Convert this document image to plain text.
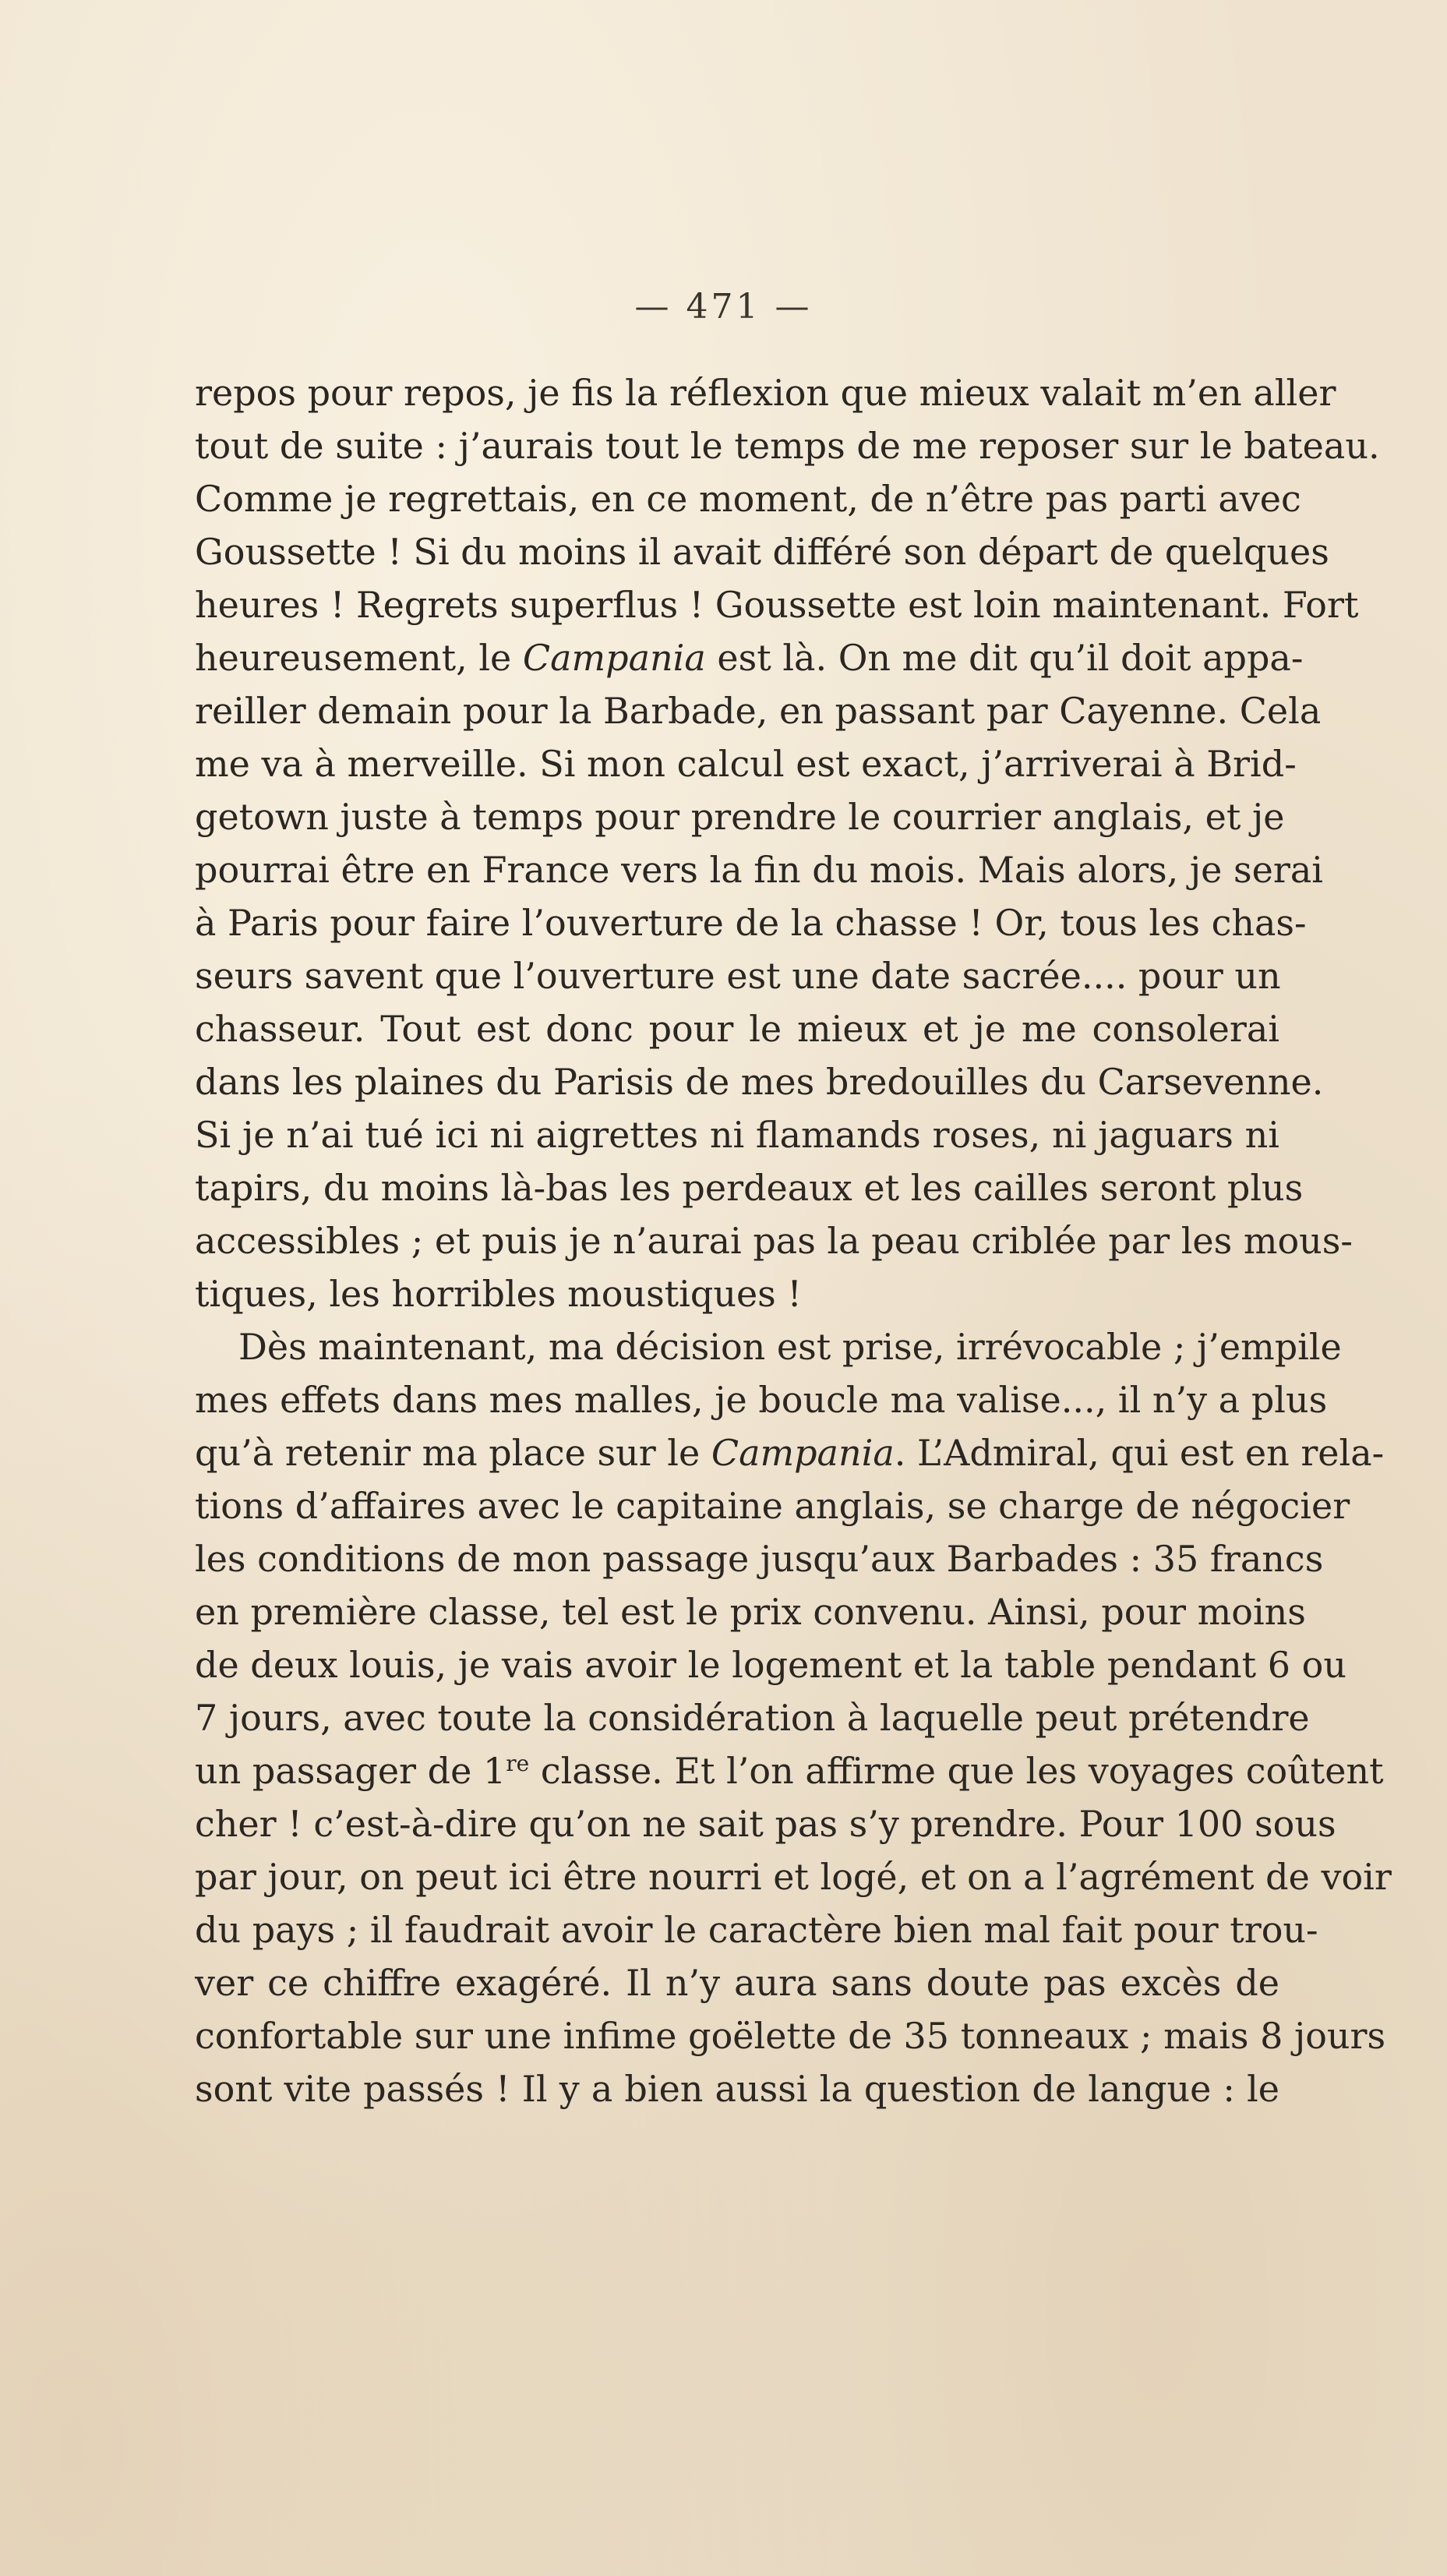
— 471 —
repos pour repos, je fis la réflexion que mieux valait m’en aller
tout de suite : j’aurais tout le temps de me reposer sur le bateau.
Comme je regrettais, en ce moment, de n’être pas parti avec
Goussette ! Si du moins il avait différé son départ de quelques
heures ! Regrets superflus ! Goussette est loin maintenant. Fort
heureusement, le Campania est là. On me dit qu’il doit appa-
reiller demain pour la Barbade, en passant par Cayenne. Cela
me va à merveille. Si mon calcul est exact, j’arriverai à Brid-
getown juste à temps pour prendre le courrier anglais, et je
pourrai être en France vers la fin du mois. Mais alors, je serai
à Paris pour faire l’ouverture de la chasse ! Or, tous les chas-
seurs savent que l’ouverture est une date sacrée.... pour un
chasseur. Tout est donc pour le mieux et je me consolerai
dans les plaines du Parisis de mes bredouilles du Carsevenne.
Si je n’ai tué ici ni aigrettes ni flamands roses, ni jaguars ni
tapirs, du moins là-bas les perdeaux et les cailles seront plus
accessibles ; et puis je n’aurai pas la peau criblée par les mous-
tiques, les horribles moustiques !
Dès maintenant, ma décision est prise, irrévocable ; j’empile
mes effets dans mes malles, je boucle ma valise..., il n’y a plus
qu’à retenir ma place sur le Campania. L’Admiral, qui est en rela-
tions d’affaires avec le capitaine anglais, se charge de négocier
les conditions de mon passage jusqu’aux Barbades : 35 francs
en première classe, tel est le prix convenu. Ainsi, pour moins
de deux louis, je vais avoir le logement et la table pendant 6 ou
7 jours, avec toute la considération à laquelle peut prétendre
un passager de 1re classe. Et l’on affirme que les voyages coûtent
cher ! c’est-à-dire qu’on ne sait pas s’y prendre. Pour 100 sous
par jour, on peut ici être nourri et logé, et on a l’agrément de voir
du pays ; il faudrait avoir le caractère bien mal fait pour trou-
ver ce chiffre exagéré. Il n’y aura sans doute pas excès de
confortable sur une infime goëlette de 35 tonneaux ; mais 8 jours
sont vite passés ! Il y a bien aussi la question de langue : le
